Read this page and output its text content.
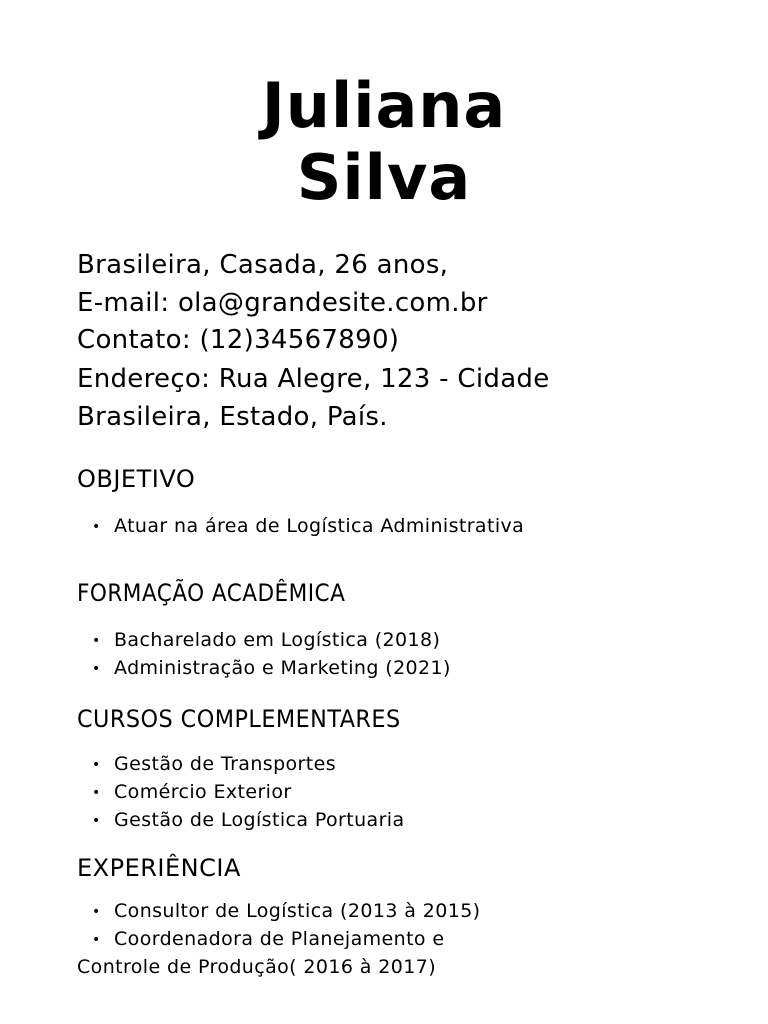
Juliana
Silva
Brasileira, Casada, 26 anos,
E-mail: ola@grandesite.com.br
Contato: (12)34567890)
Endereço: Rua Alegre, 123 - Cidade
Brasileira, Estado, País.
OBJETIVO
• Atuar na área de Logística Administrativa
FORMAÇÃO ACADÊMICA
• Bacharelado em Logística (2018)
• Administração e Marketing (2021)
CURSOS COMPLEMENTARES
• Gestão de Transportes
• Comércio Exterior
• Gestão de Logística Portuaria
EXPERIÊNCIA
• Consultor de Logística (2013 à 2015)
• Coordenadora de Planejamento e
Controle de Produção( 2016 à 2017)
